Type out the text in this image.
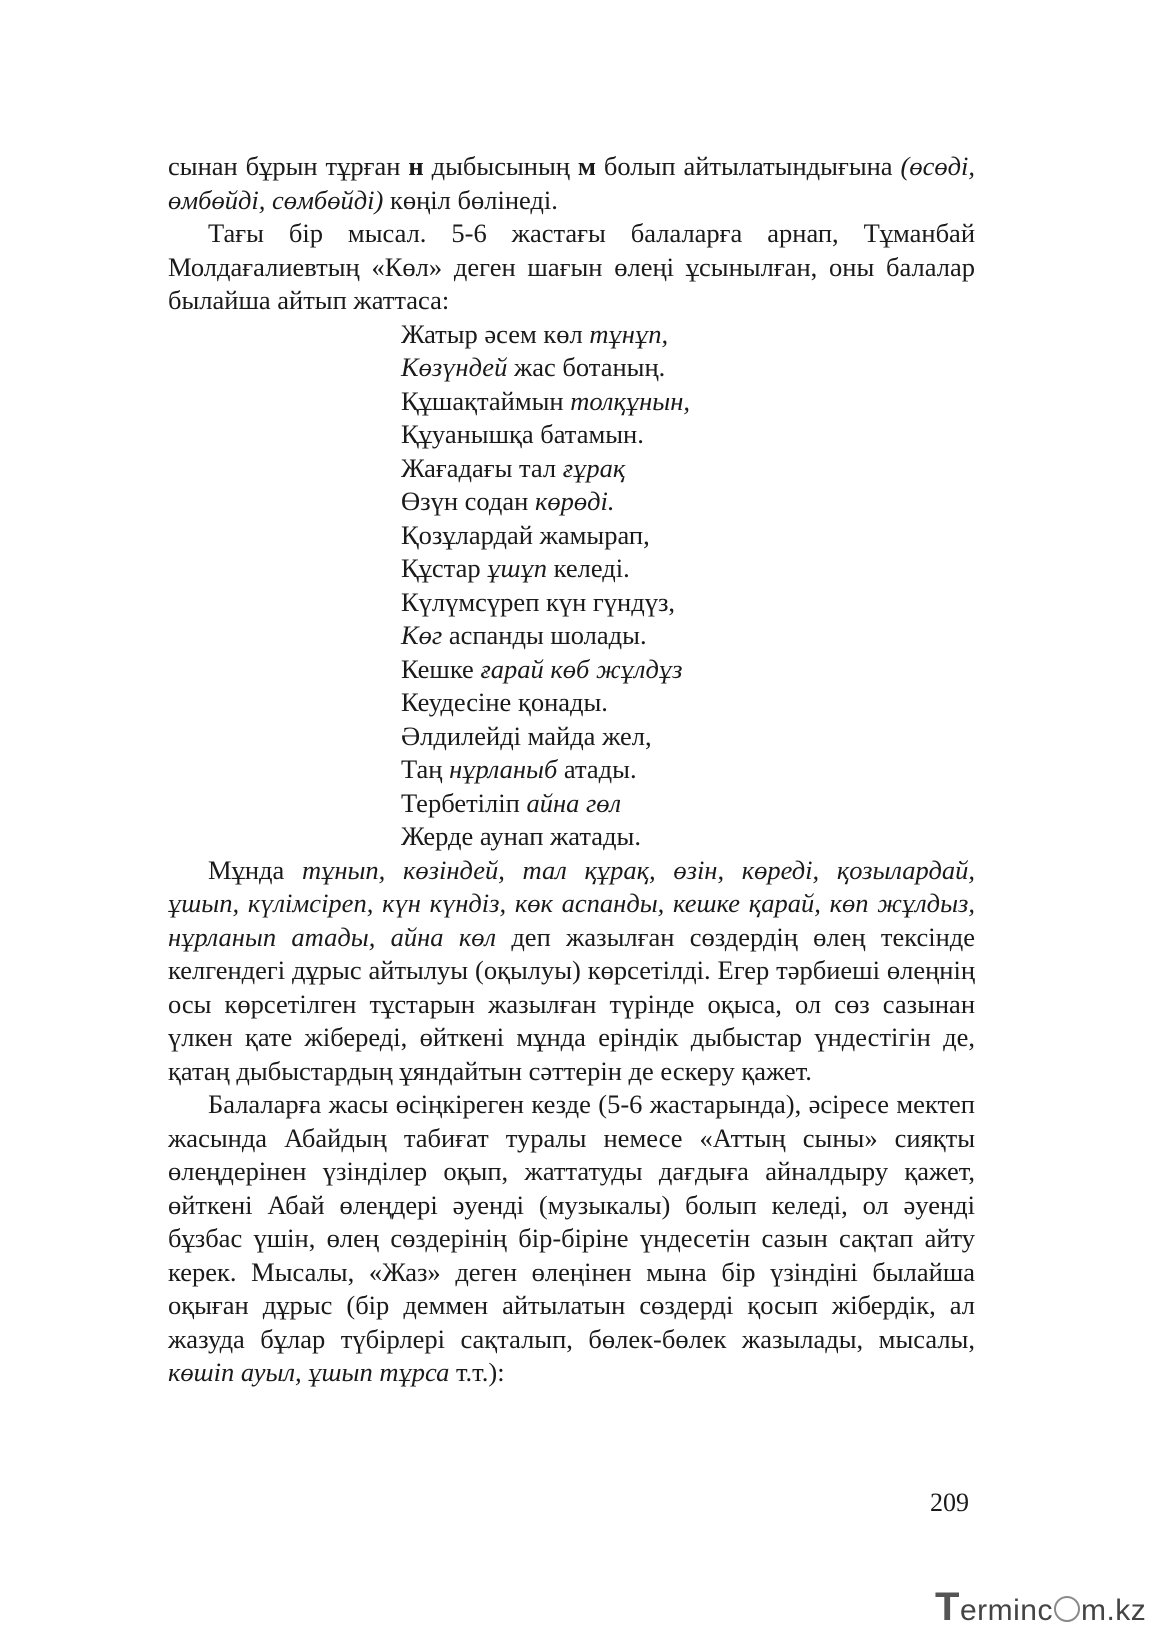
сынан бұрын тұрған н дыбысының м болып айтылатындығына (өсөді, өмбөйді, сөмбөйді) көңіл бөлінеді.

Тағы бір мысал. 5-6 жастағы балаларға арнап, Тұманбай Молдағалиевтың «Көл» деген шағын өлеңі ұсынылған, оны балалар былайша айтып жаттаса:

Жатыр әсем көл тұнұп,
Көзүндей жас ботаның.
Құшақтаймын толқұнын,
Құуанышқа батамын.
Жағадағы тал ғұрақ
Өзүн содан көрөді.
Қозұлардай жамырап,
Құстар ұшұп келеді.
Күлүмсүреп күн гүндүз,
Көг аспанды шолады.
Кешке ғарай көб жұлдұз
Кеудесіне қонады.
Әлдилейді майда жел,
Таң нұрланыб атады.
Тербетіліп айна гөл
Жерде аунап жатады.

Мұнда тұнып, көзіндей, тал құрақ, өзін, көреді, қозылардай, ұшып, күлімсіреп, күн күндіз, көк аспанды, кешке қарай, көп жұлдыз, нұрланып атады, айна көл деп жазылған сөздердің өлең тексінде келгендегі дұрыс айтылуы (оқылуы) көрсетілді. Егер тәрбиеші өлеңнің осы көрсетілген тұстарын жазылған түрінде оқыса, ол сөз сазынан үлкен қате жібереді, өйткені мұнда еріндік дыбыстар үндестігін де, қатаң дыбыстардың ұяндайтын сәттерін де ескеру қажет.

Балаларға жасы өсіңкіреген кезде (5-6 жастарында), әсіресе мектеп жасында Абайдың табиғат туралы немесе «Аттың сыны» сияқты өлеңдерінен үзінділер оқып, жаттатуды дағдыға айналдыру қажет, өйткені Абай өлеңдері әуенді (музыкалы) болып келеді, ол әуенді бұзбас үшін, өлең сөздерінің бір-біріне үндесетін сазын сақтап айту керек. Мысалы, «Жаз» деген өлеңінен мына бір үзіндіні былайша оқыған дұрыс (бір деммен айтылатын сөздерді қосып жібердік, ал жазуда бұлар түбірлері сақталып, бөлек-бөлек жазылады, мысалы, көшіп ауыл, ұшып тұрса т.т.):

209
Terminc m.kz
